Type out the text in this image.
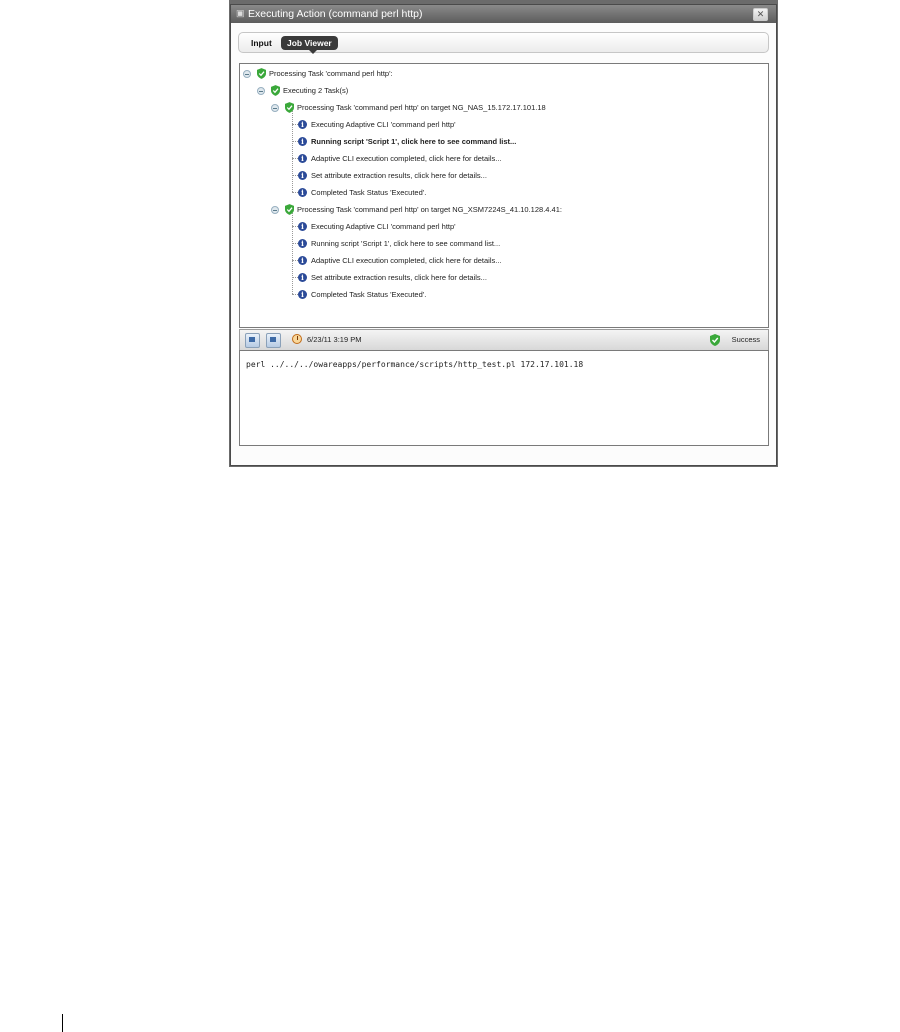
▣ Executing Action (command perl http)	✕
Input	Job Viewer
Processing Task 'command perl http':
Executing 2 Task(s)
Processing Task 'command perl http' on target NG_NAS_15.172.17.101.18
i Executing Adaptive CLI 'command perl http'
i Running script 'Script 1', click here to see command list...
i Adaptive CLI execution completed, click here for details...
i Set attribute extraction results, click here for details...
i Completed Task Status 'Executed'.
Processing Task 'command perl http' on target NG_XSM7224S_41.10.128.4.41:
i Executing Adaptive CLI 'command perl http'
i Running script 'Script 1', click here to see command list...
i Adaptive CLI execution completed, click here for details...
i Set attribute extraction results, click here for details...
i Completed Task Status 'Executed'.
6/23/11 3:19 PM	Success
perl ../../../owareapps/performance/scripts/http_test.pl 172.17.101.18
